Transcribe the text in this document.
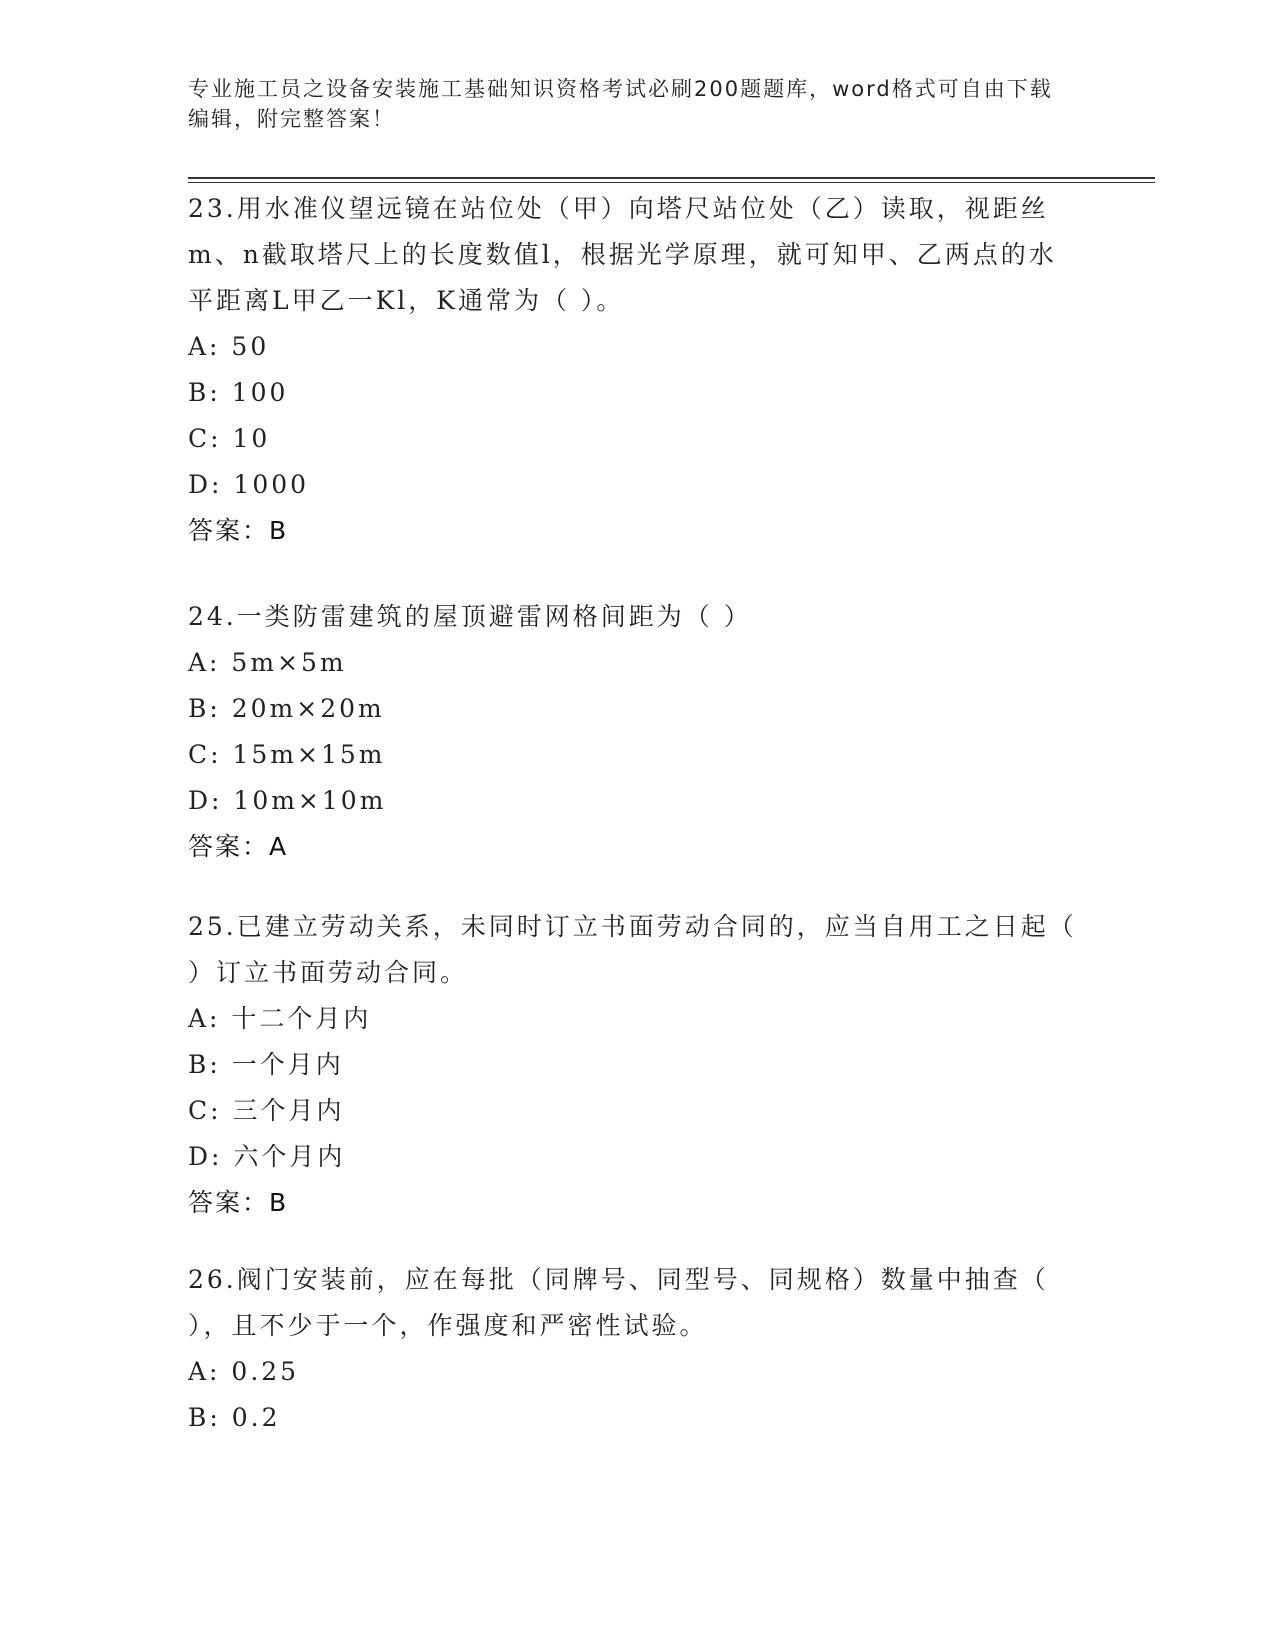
专业施工员之设备安装施工基础知识资格考试必刷200题题库，word格式可自由下载编辑，附完整答案！

23.用水准仪望远镜在站位处（甲）向塔尺站位处（乙）读取，视距丝m、n截取塔尺上的长度数值l，根据光学原理，就可知甲、乙两点的水平距离L甲乙一Kl，K通常为（ ）。

A: 50

B: 100

C: 10

D: 1000

答案：B

24.一类防雷建筑的屋顶避雷网格间距为（ ）

A: 5m×5m

B: 20m×20m

C: 15m×15m

D: 10m×10m

答案：A

25.已建立劳动关系，未同时订立书面劳动合同的，应当自用工之日起（ ）订立书面劳动合同。

A: 十二个月内

B: 一个月内

C: 三个月内

D: 六个月内

答案：B

26.阀门安装前，应在每批（同牌号、同型号、同规格）数量中抽查（ ），且不少于一个，作强度和严密性试验。

A: 0.25

B: 0.2
